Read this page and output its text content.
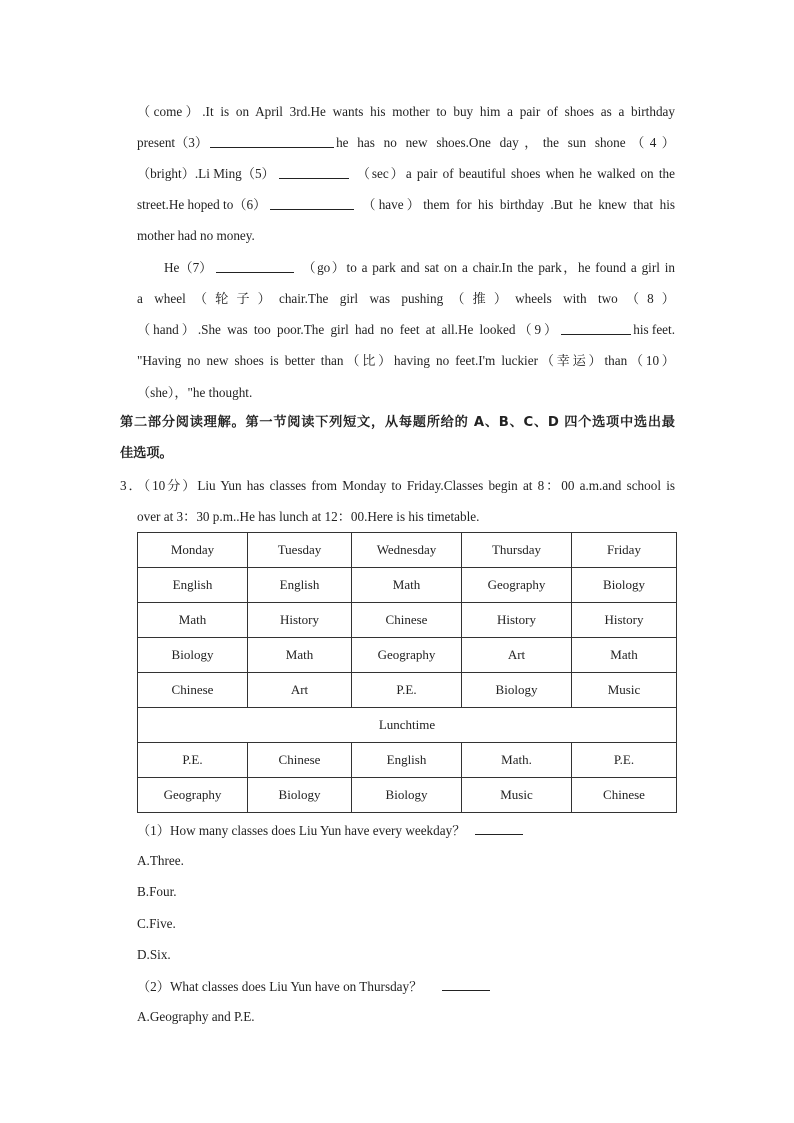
（come）.It is on April 3rd.He wants his mother to buy him a pair of shoes as a birthday
present（3）	he has no new shoes.One day，the sun shone（4）
（bright）.Li Ming（5）	（sec）a pair of beautiful shoes when he walked on the
street.He hoped to（6）	（have）them for his birthday .But he knew that his
mother had no money.
He（7）	（go）to a park and sat on a chair.In the park，he found a girl in
a wheel（轮子）chair.The girl was pushing（推）wheels with two（8）
（hand）.She was too poor.The girl had no feet at all.He looked（9）	his feet.
"Having no new shoes is better than（比）having no feet.I'm luckier（幸运）than（10）
（she），"he thought.
第二部分阅读理解。第一节阅读下列短文，从每题所给的 A、B、C、D 四个选项中选出最
佳选项。
3．（10分）Liu Yun has classes from Monday to Friday.Classes begin at 8：00 a.m.and school is
over at 3：30 p.m..He has lunch at 12：00.Here is his timetable.
Monday	Tuesday	Wednesday	Thursday	Friday
English	English	Math	Geography	Biology
Math	History	Chinese	History	History
Biology	Math	Geography	Art	Math
Chinese	Art	P.E.	Biology	Music
Lunchtime				
P.E.	Chinese	English	Math.	P.E.
Geography	Biology	Biology	Music	Chinese
（1）How many classes does Liu Yun have every weekday？
A.Three.
B.Four.
C.Five.
D.Six.
（2）What classes does Liu Yun have on Thursday？
A.Geography and P.E.
